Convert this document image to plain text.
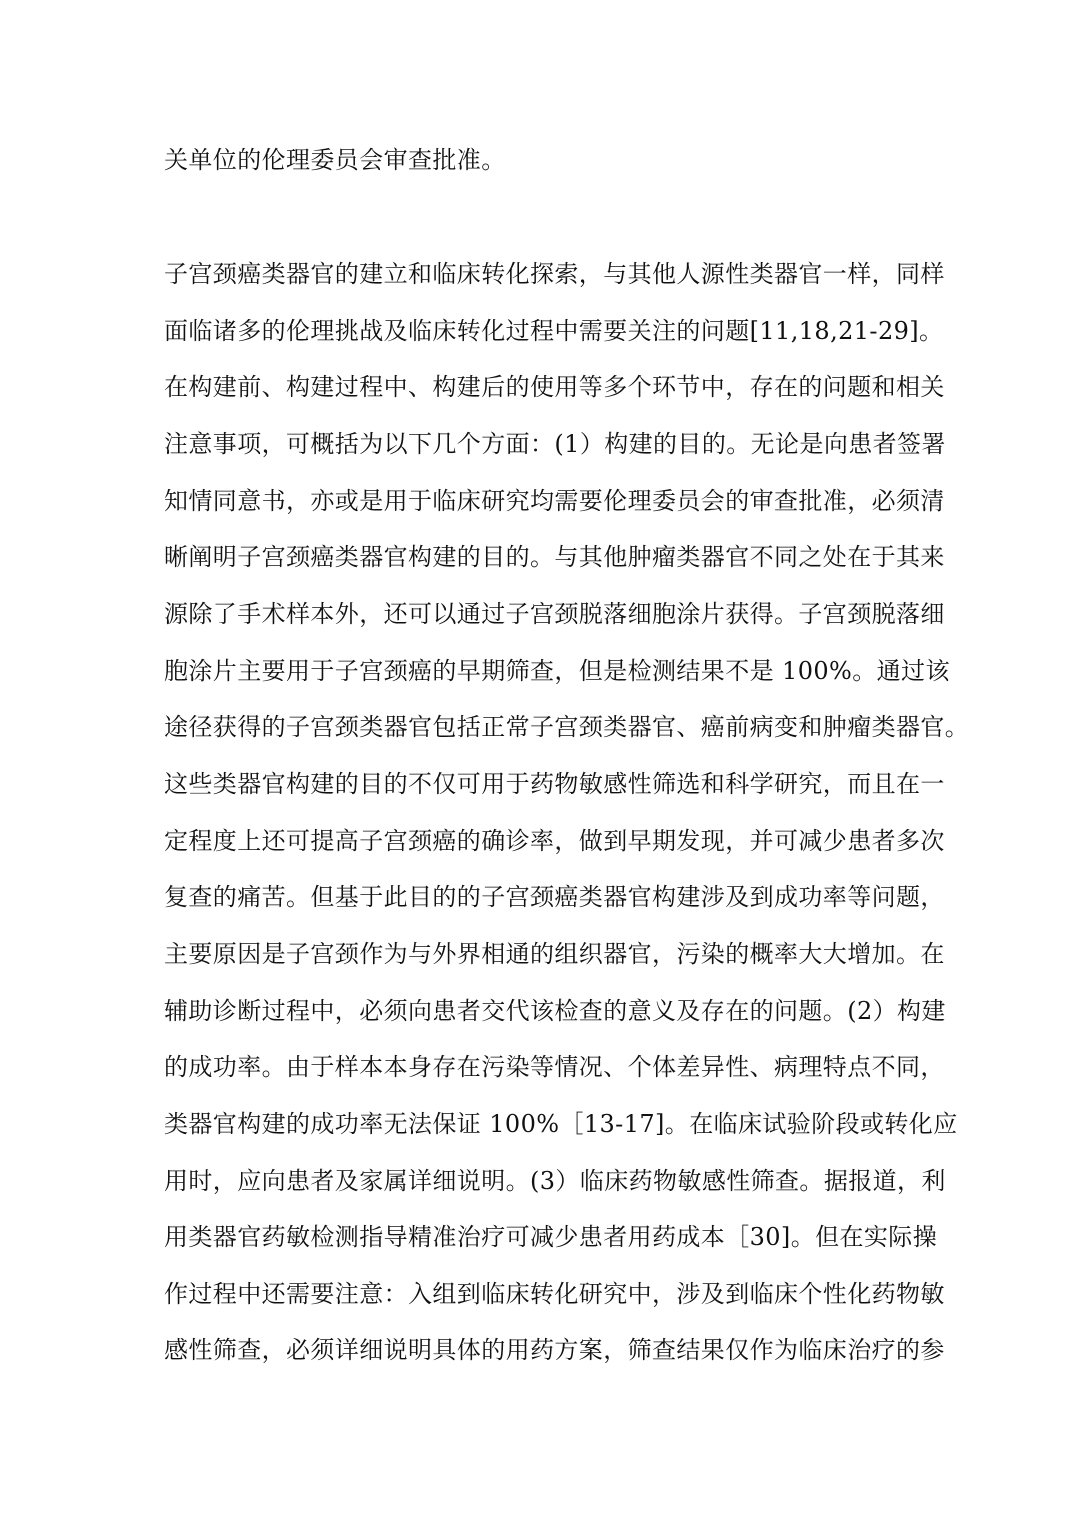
关单位的伦理委员会审查批准。

子宫颈癌类器官的建立和临床转化探索，与其他人源性类器官一样，同样
面临诸多的伦理挑战及临床转化过程中需要关注的问题[11,18,21-29]。
在构建前、构建过程中、构建后的使用等多个环节中，存在的问题和相关
注意事项，可概括为以下几个方面：(1）构建的目的。无论是向患者签署
知情同意书，亦或是用于临床研究均需要伦理委员会的审查批准，必须清
晰阐明子宫颈癌类器官构建的目的。与其他肿瘤类器官不同之处在于其来
源除了手术样本外，还可以通过子宫颈脱落细胞涂片获得。子宫颈脱落细
胞涂片主要用于子宫颈癌的早期筛查，但是检测结果不是 100%。通过该
途径获得的子宫颈类器官包括正常子宫颈类器官、癌前病变和肿瘤类器官。
这些类器官构建的目的不仅可用于药物敏感性筛选和科学研究，而且在一
定程度上还可提高子宫颈癌的确诊率，做到早期发现，并可减少患者多次
复查的痛苦。但基于此目的的子宫颈癌类器官构建涉及到成功率等问题，
主要原因是子宫颈作为与外界相通的组织器官，污染的概率大大增加。在
辅助诊断过程中，必须向患者交代该检查的意义及存在的问题。(2）构建
的成功率。由于样本本身存在污染等情况、个体差异性、病理特点不同，
类器官构建的成功率无法保证 100%［13-17]。在临床试验阶段或转化应
用时，应向患者及家属详细说明。(3）临床药物敏感性筛查。据报道，利
用类器官药敏检测指导精准治疗可减少患者用药成本［30]。但在实际操
作过程中还需要注意：入组到临床转化研究中，涉及到临床个性化药物敏
感性筛查，必须详细说明具体的用药方案，筛查结果仅作为临床治疗的参
